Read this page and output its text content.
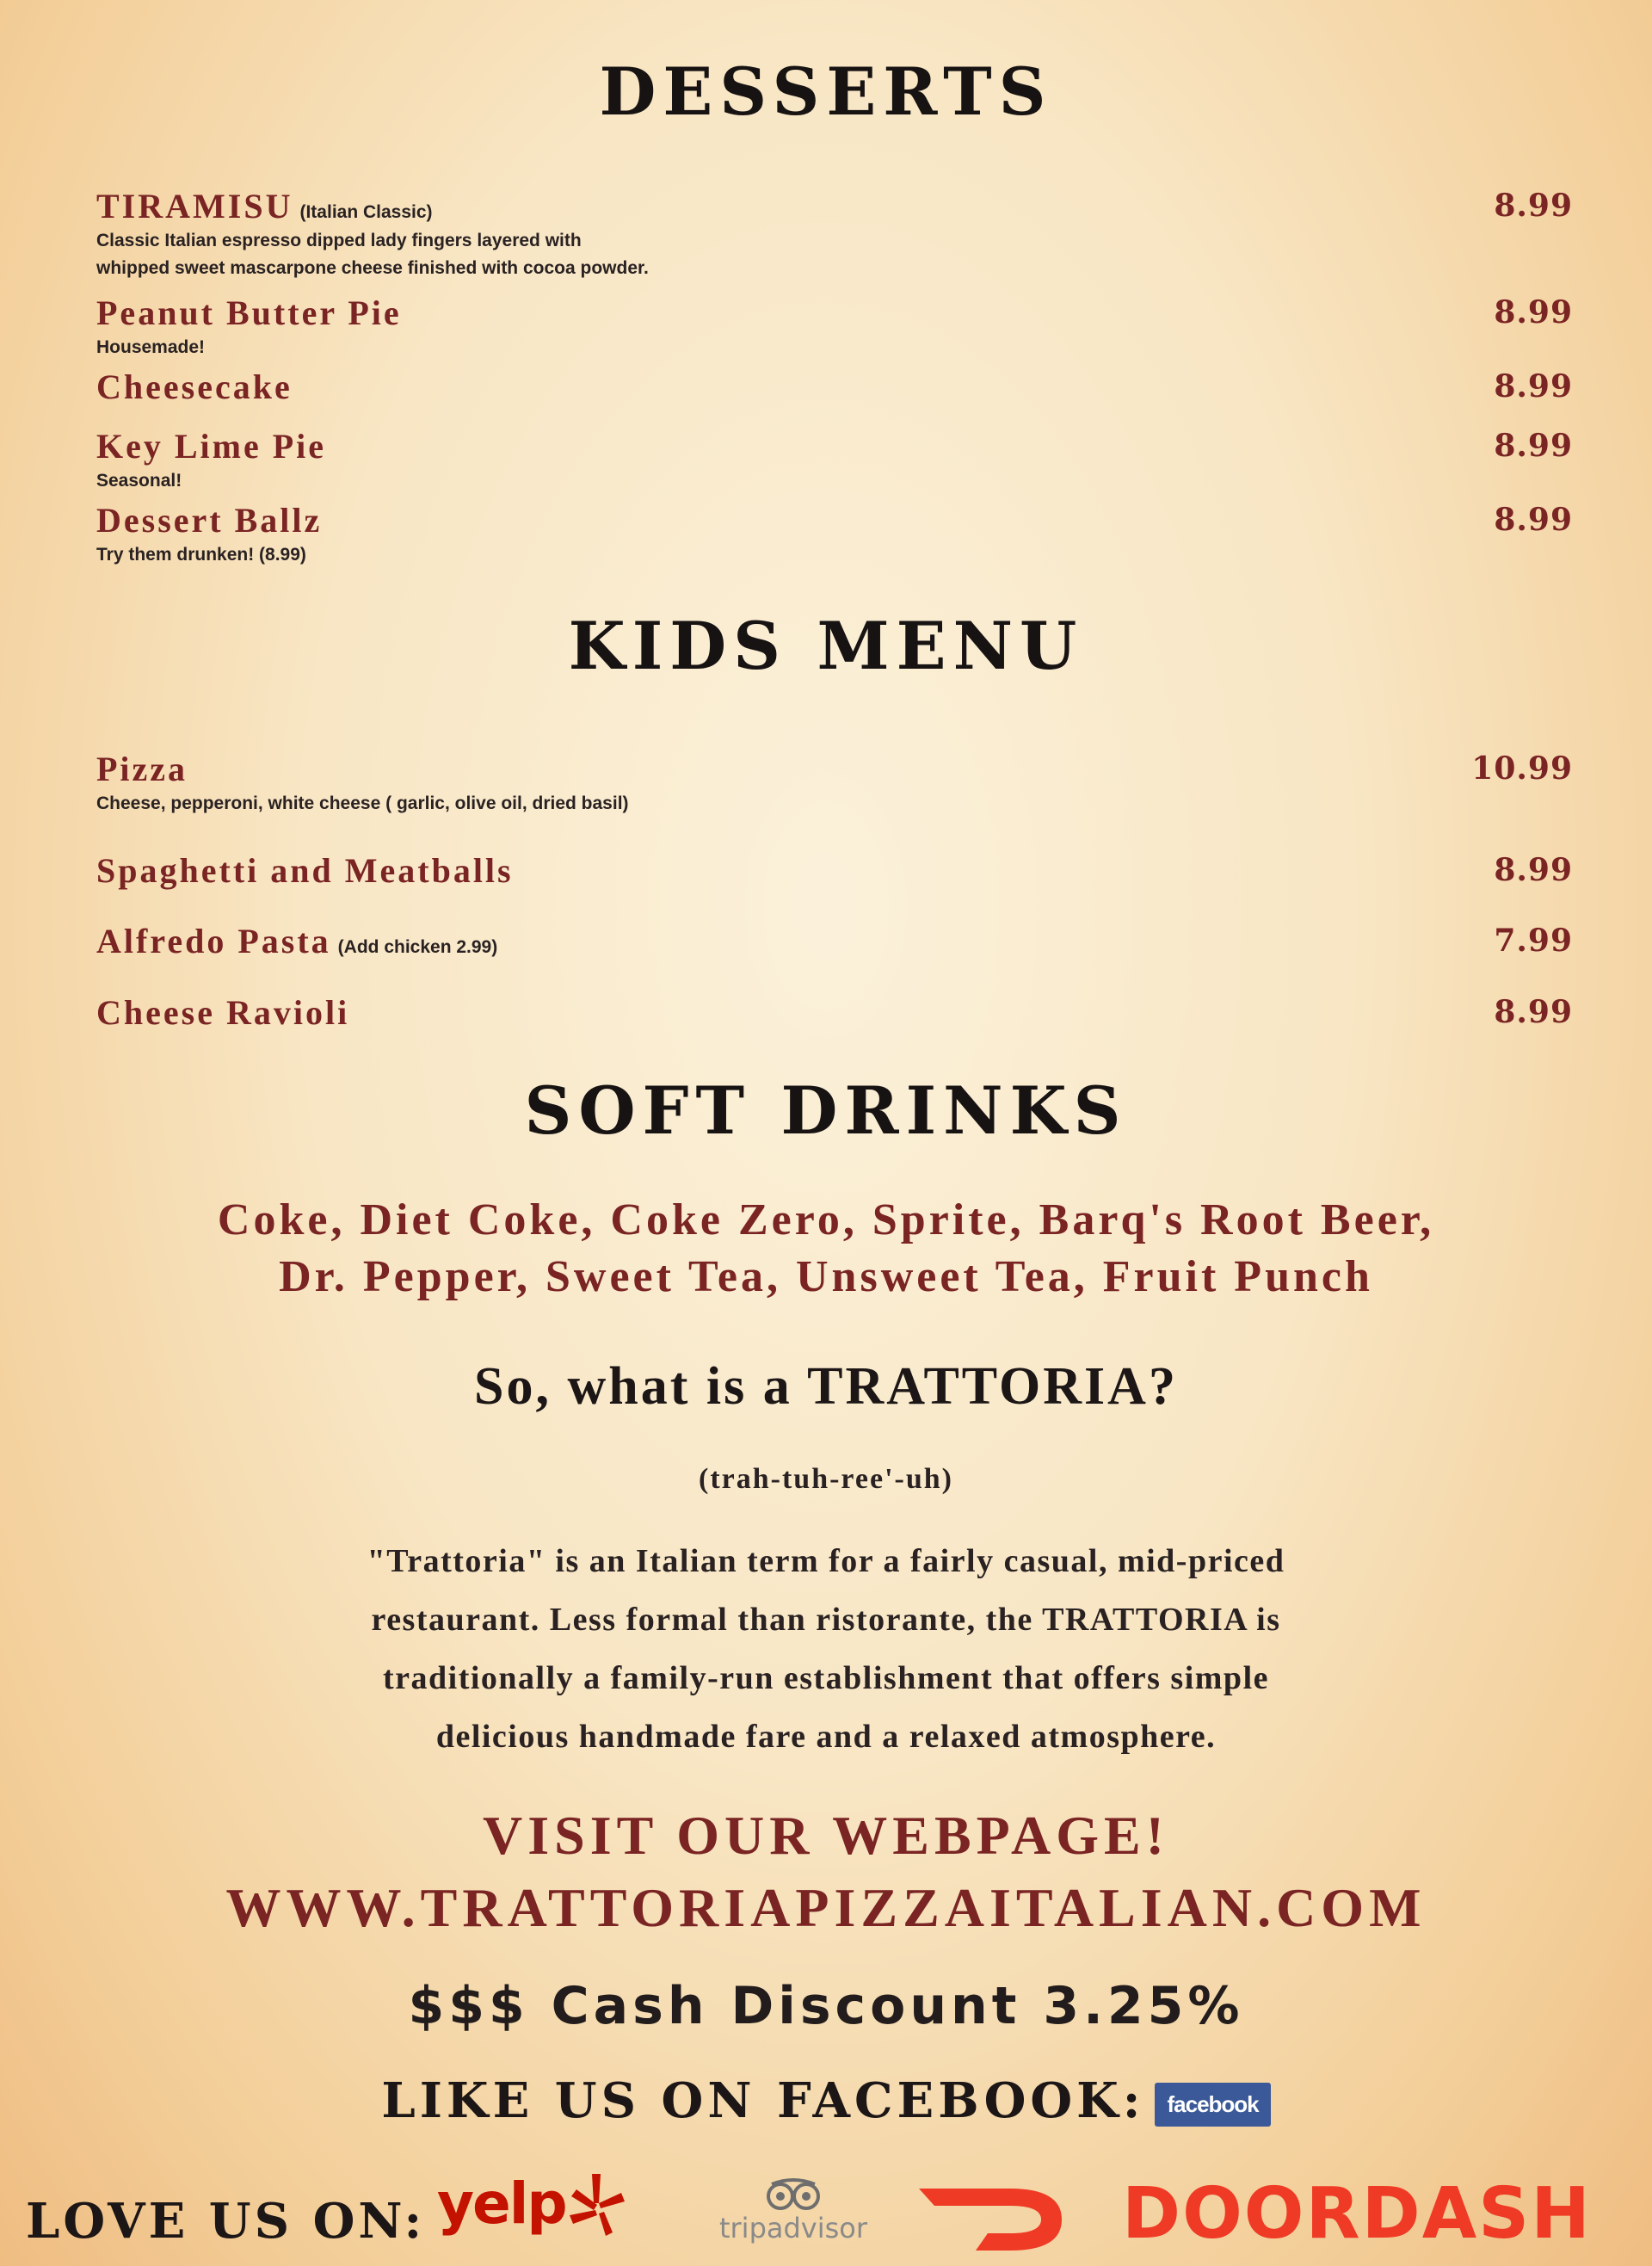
DESSERTS
TIRAMISU (Italian Classic)
Classic Italian espresso dipped lady fingers layered with
whipped sweet mascarpone cheese finished with cocoa powder.
8.99
Peanut Butter Pie
Housemade!
8.99
Cheesecake	8.99
Key Lime Pie
Seasonal!
8.99
Dessert Ballz
Try them drunken! (8.99)
8.99
KIDS MENU
Pizza
Cheese, pepperoni, white cheese ( garlic, olive oil, dried basil)
10.99
Spaghetti and Meatballs	8.99
Alfredo Pasta (Add chicken 2.99)	7.99
Cheese Ravioli	8.99
SOFT DRINKS
Coke, Diet Coke, Coke Zero, Sprite, Barq's Root Beer,
Dr. Pepper, Sweet Tea, Unsweet Tea, Fruit Punch
So, what is a TRATTORIA?
(trah-tuh-ree'-uh)
"Trattoria" is an Italian term for a fairly casual, mid-priced
restaurant. Less formal than ristorante, the TRATTORIA is
traditionally a family-run establishment that offers simple
delicious handmade fare and a relaxed atmosphere.
VISIT OUR WEBPAGE!
WWW.TRATTORIAPIZZAITALIAN.COM
$$$ Cash Discount 3.25%
LIKE US ON FACEBOOK: facebook
LOVE US ON: yelp	tripadvisor	DOORDASH
